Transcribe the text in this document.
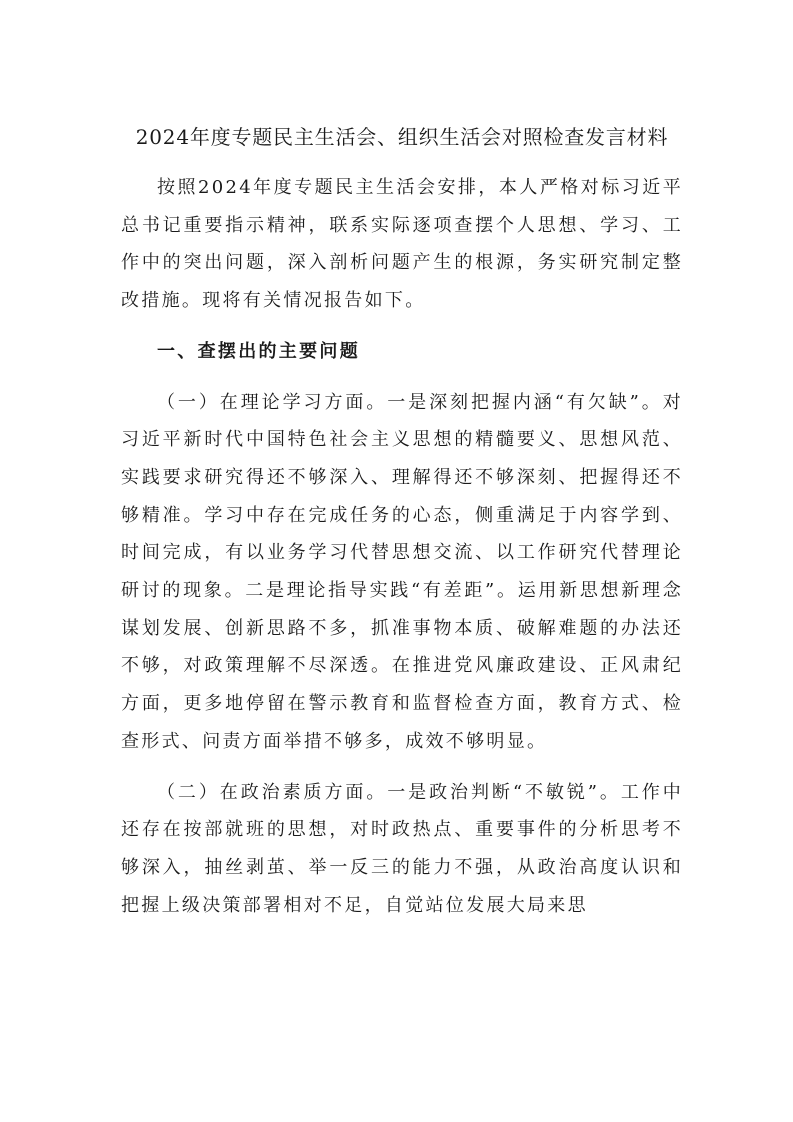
2024年度专题民主生活会、组织生活会对照检查发言材料

按照2024年度专题民主生活会安排，本人严格对标习近平总书记重要指示精神，联系实际逐项查摆个人思想、学习、工作中的突出问题，深入剖析问题产生的根源，务实研究制定整改措施。现将有关情况报告如下。

一、查摆出的主要问题

（一）在理论学习方面。一是深刻把握内涵“有欠缺”。对习近平新时代中国特色社会主义思想的精髓要义、思想风范、实践要求研究得还不够深入、理解得还不够深刻、把握得还不够精准。学习中存在完成任务的心态，侧重满足于内容学到、时间完成，有以业务学习代替思想交流、以工作研究代替理论研讨的现象。二是理论指导实践“有差距”。运用新思想新理念谋划发展、创新思路不多，抓准事物本质、破解难题的办法还不够，对政策理解不尽深透。在推进党风廉政建设、正风肃纪方面，更多地停留在警示教育和监督检查方面，教育方式、检查形式、问责方面举措不够多，成效不够明显。

（二）在政治素质方面。一是政治判断“不敏锐”。工作中还存在按部就班的思想，对时政热点、重要事件的分析思考不够深入，抽丝剥茧、举一反三的能力不强，从政治高度认识和把握上级决策部署相对不足，自觉站位发展大局来思
